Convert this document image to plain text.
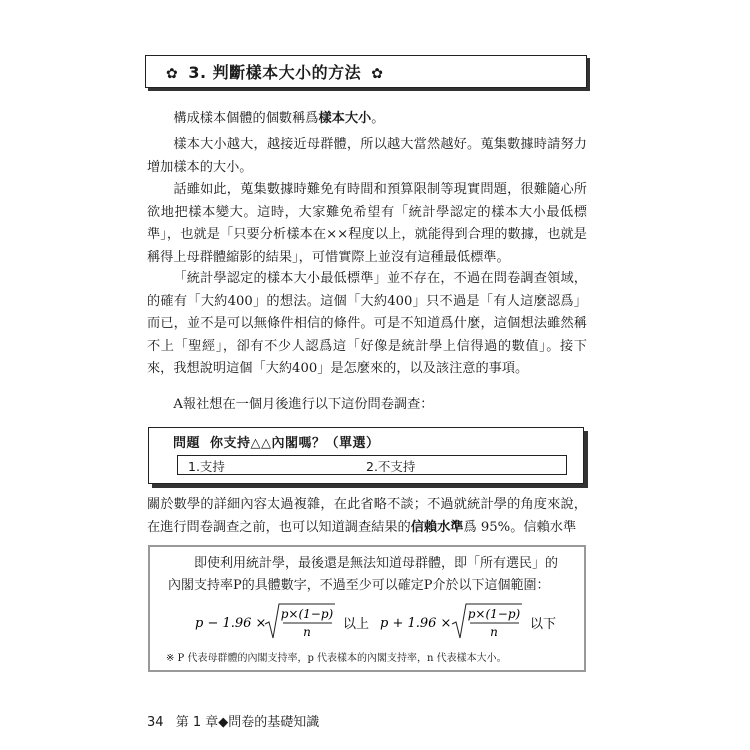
✿ 3. 判斷樣本大小的方法 ✿

構成樣本個體的個數稱爲樣本大小。

樣本大小越大，越接近母群體，所以越大當然越好。蒐集數據時請努力增加樣本的大小。

話雖如此，蒐集數據時難免有時間和預算限制等現實問題，很難隨心所欲地把樣本變大。這時，大家難免希望有「統計學認定的樣本大小最低標準」，也就是「只要分析樣本在××程度以上，就能得到合理的數據，也就是稱得上母群體縮影的結果」，可惜實際上並沒有這種最低標準。

「統計學認定的樣本大小最低標準」並不存在，不過在問卷調查領域，的確有「大約400」的想法。這個「大約400」只不過是「有人這麼認爲」而已，並不是可以無條件相信的條件。可是不知道爲什麼，這個想法雖然稱不上「聖經」，卻有不少人認爲這「好像是統計學上信得過的數值」。接下來，我想說明這個「大約400」是怎麼來的，以及該注意的事項。

A報社想在一個月後進行以下這份問卷調查：

問題 你支持△△內閣嗎？（單選）
1.支持	2.不支持

關於數學的詳細內容太過複雜，在此省略不談；不過就統計學的角度來說，在進行問卷調查之前，也可以知道調查結果的信賴水準爲 95%。信賴水準

即使利用統計學，最後還是無法知道母群體，即「所有選民」的內閣支持率P的具體數字，不過至少可以確定P介於以下這個範圍：

p − 1.96 ×
p×(1−p)
n 以上 p + 1.96 ×
p×(1−p)
n 以下
※ P 代表母群體的內閣支持率，p 代表樣本的內閣支持率，n 代表樣本大小。
34 第 1 章◆問卷的基礎知識
